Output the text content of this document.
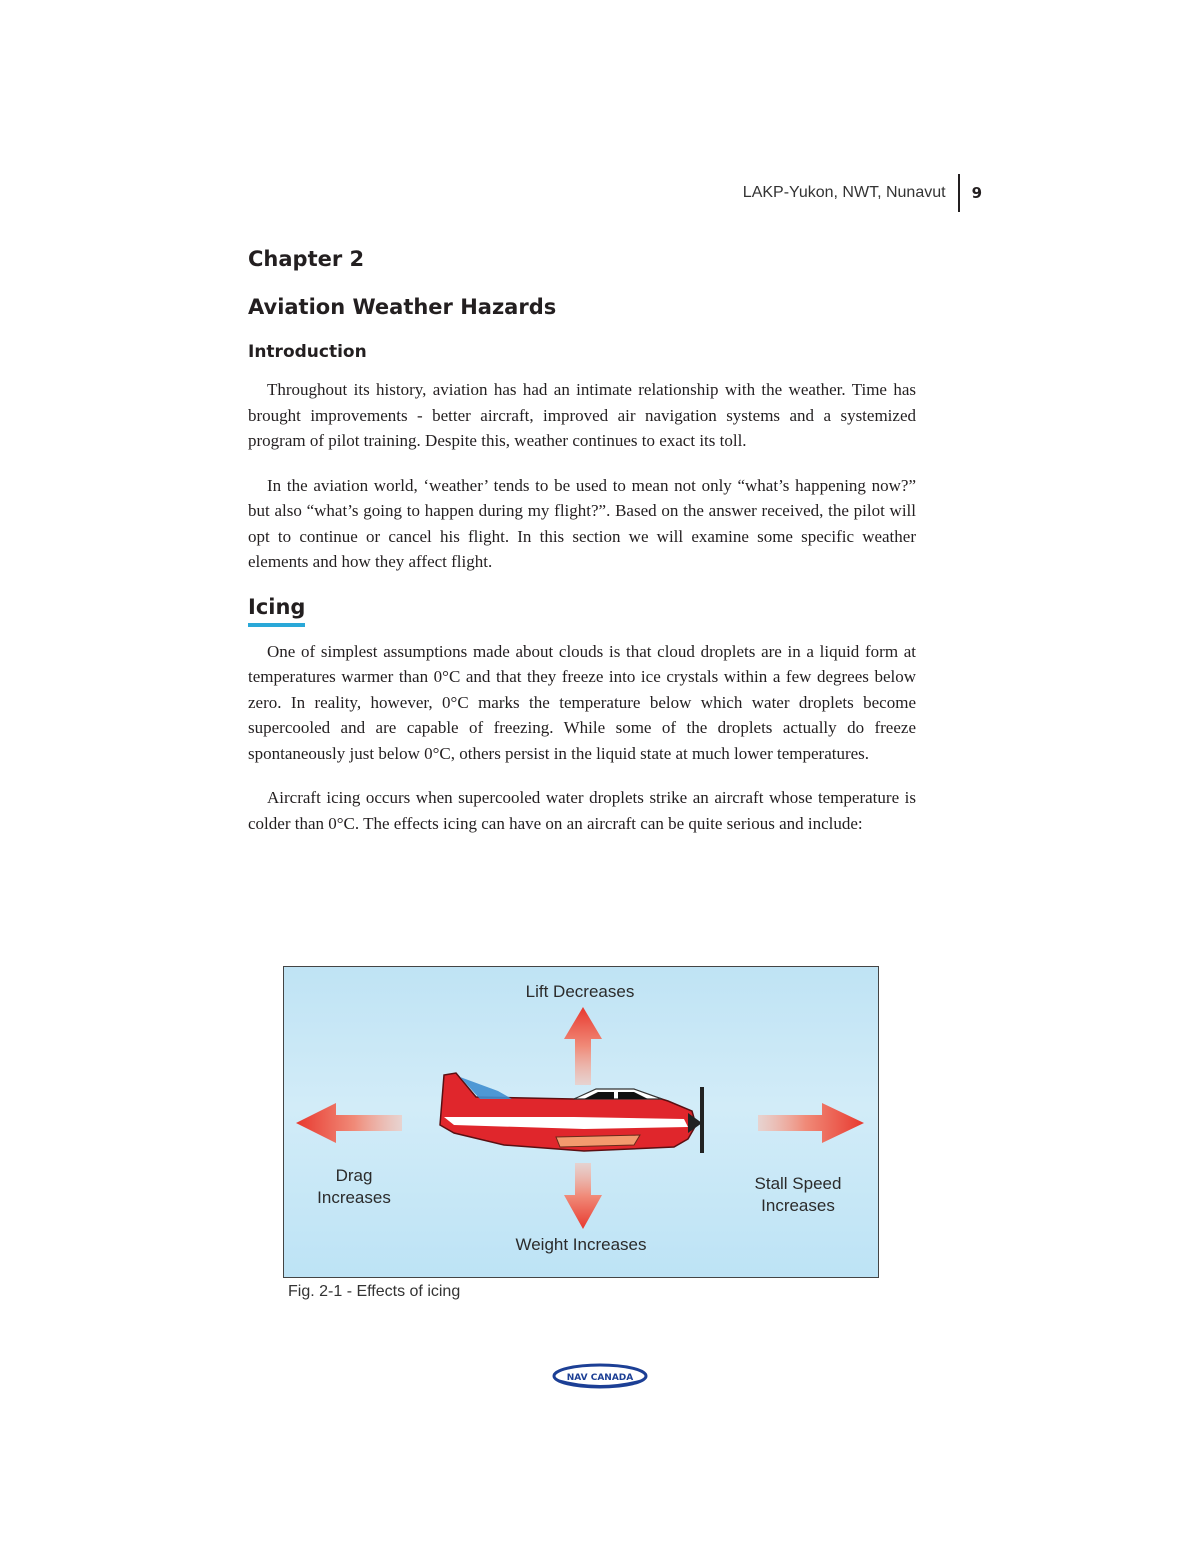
LAKP-Yukon, NWT, Nunavut	9
Chapter 2
Aviation Weather Hazards
Introduction

Throughout its history, aviation has had an intimate relationship with the weather. Time has brought improvements - better aircraft, improved air navigation systems and a systemized program of pilot training. Despite this, weather continues to exact its toll.

In the aviation world, ‘weather’ tends to be used to mean not only “what’s happening now?” but also “what’s going to happen during my flight?”. Based on the answer received, the pilot will opt to continue or cancel his flight. In this section we will examine some specific weather elements and how they affect flight.

Icing

One of simplest assumptions made about clouds is that cloud droplets are in a liquid form at temperatures warmer than 0°C and that they freeze into ice crystals within a few degrees below zero. In reality, however, 0°C marks the temperature below which water droplets become supercooled and are capable of freezing. While some of the droplets actually do freeze spontaneously just below 0°C, others persist in the liquid state at much lower temperatures.

Aircraft icing occurs when supercooled water droplets strike an aircraft whose temperature is colder than 0°C. The effects icing can have on an aircraft can be quite serious and include:

Lift Decreases
Drag
Increases
Stall Speed
Increases
Weight Increases
Fig. 2-1 - Effects of icing
NAV CANADA
